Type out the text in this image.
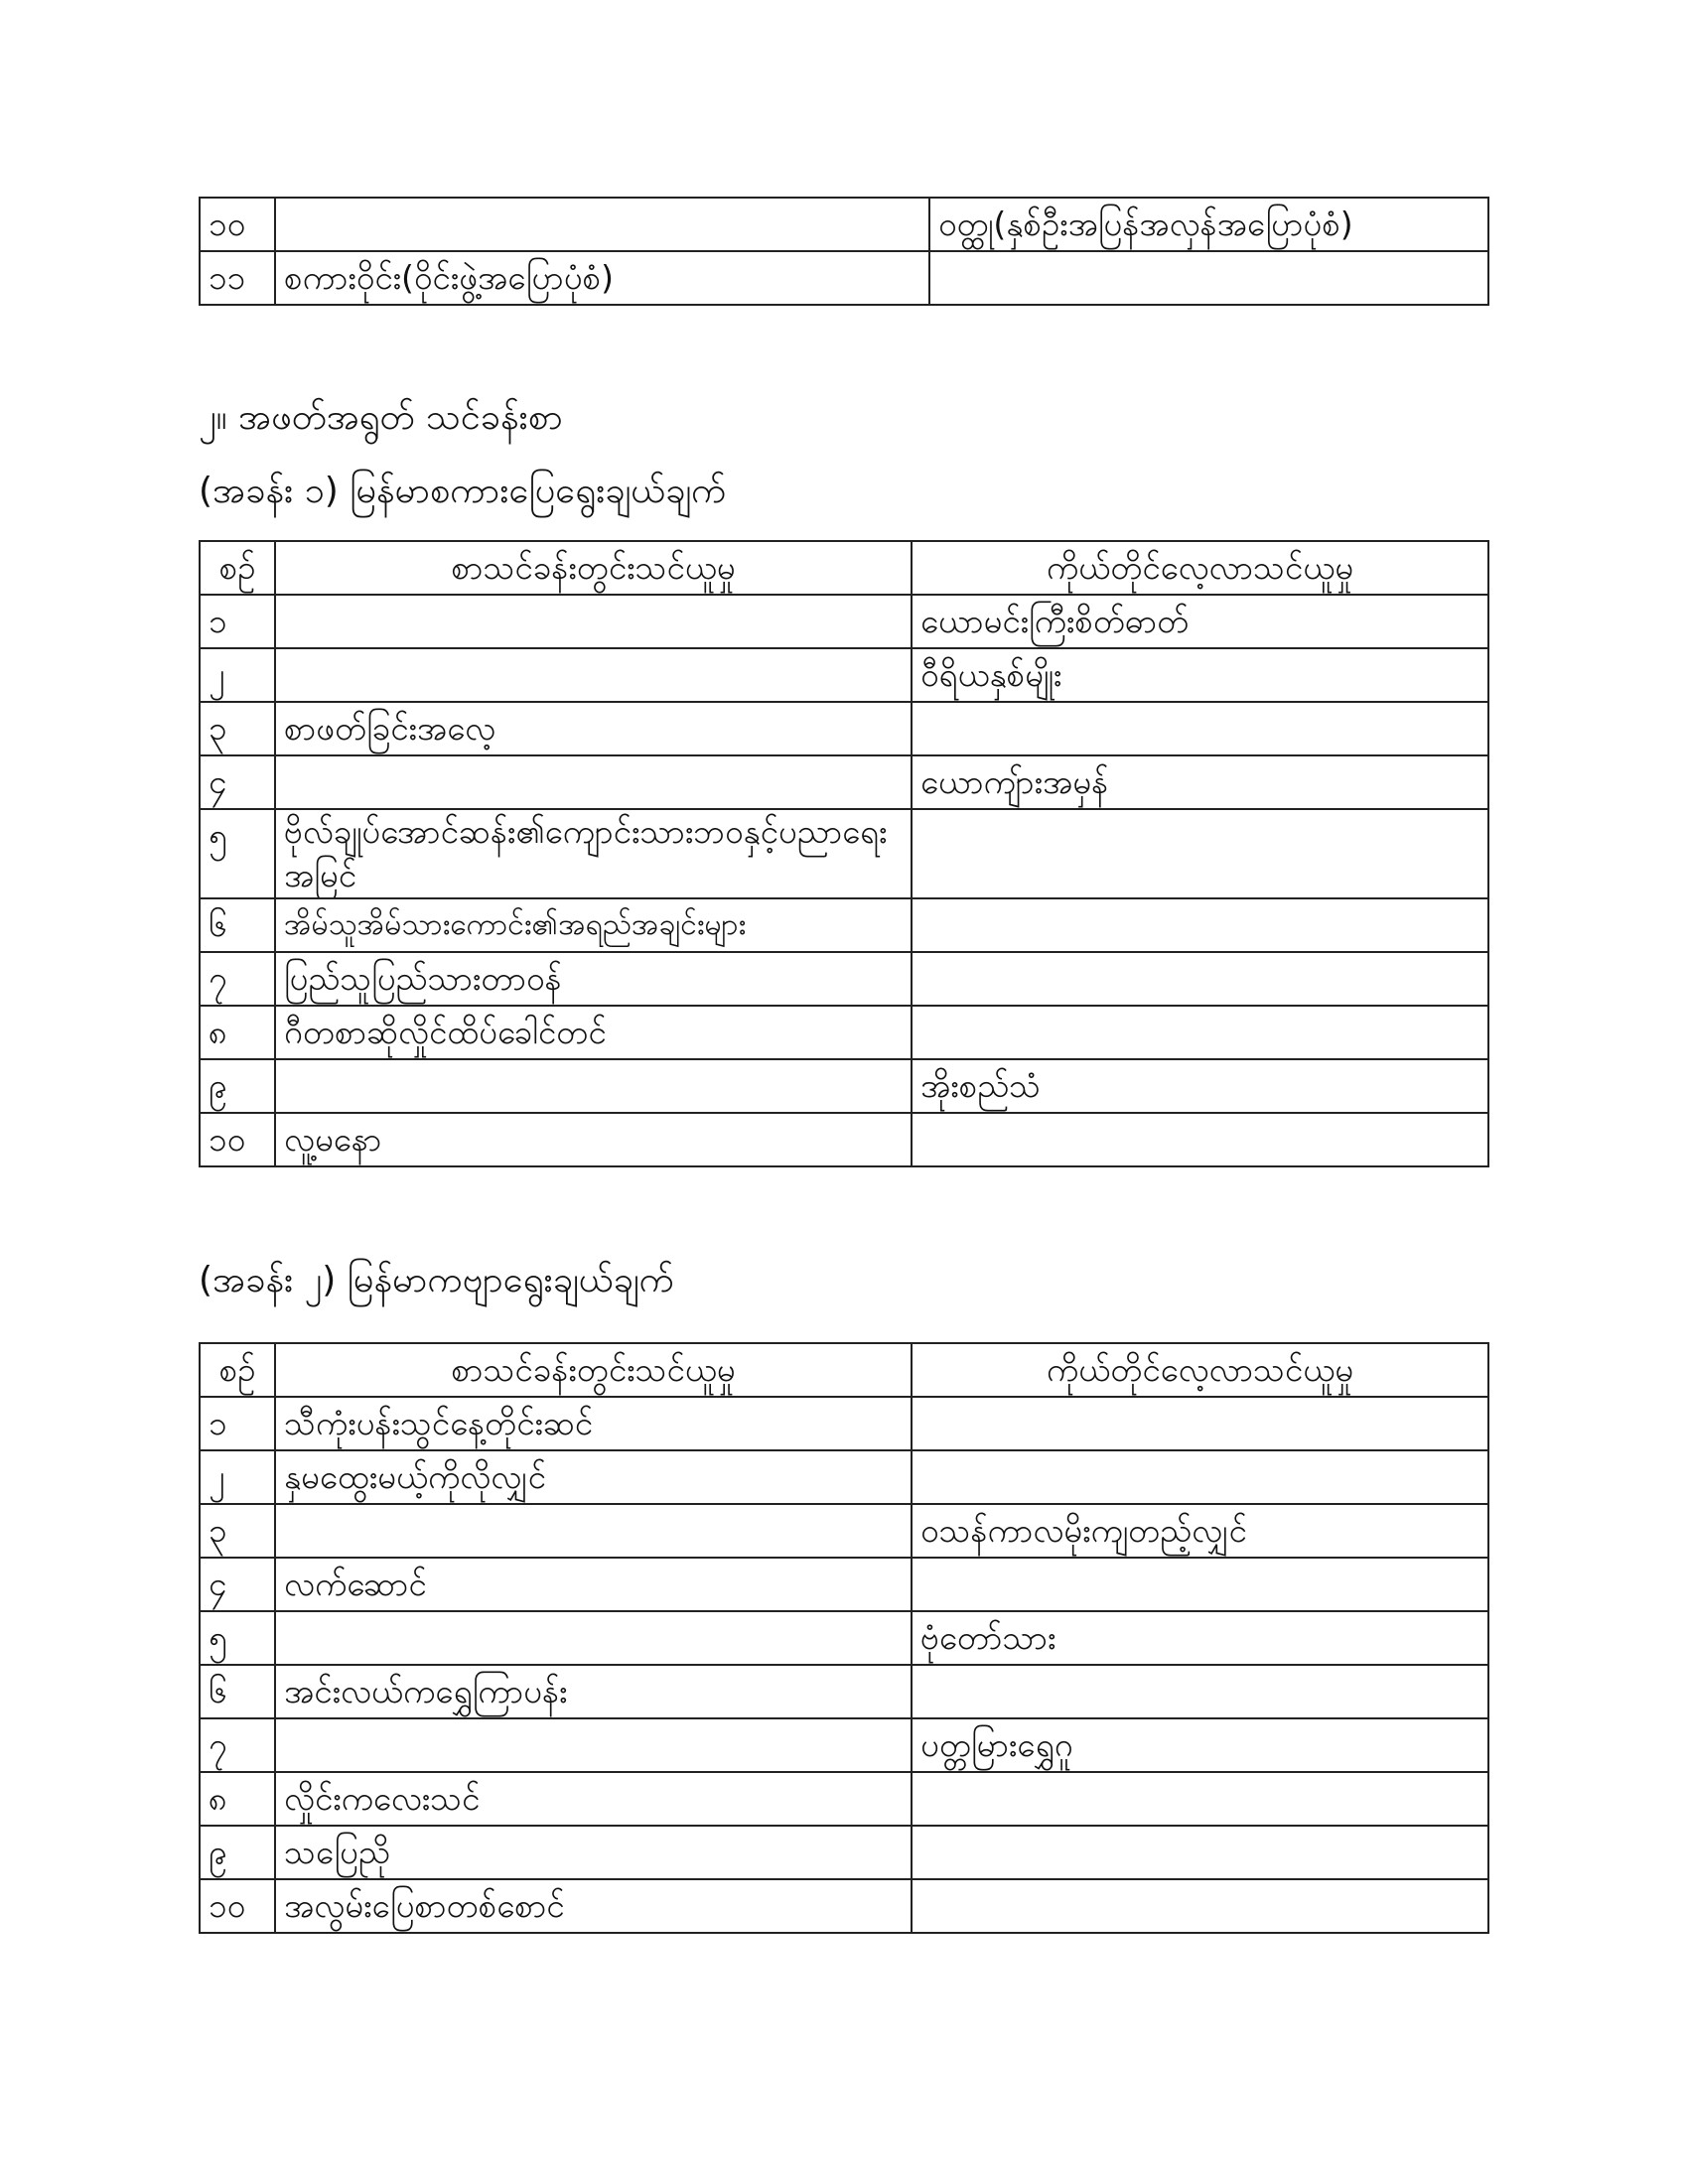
၁၀		ဝတ္ထု(နှစ်ဦးအပြန်အလှန်အပြောပုံစံ)
၁၁	စကားဝိုင်း(ဝိုင်းဖွဲ့အပြောပုံစံ)	
၂။ အဖတ်အရွတ် သင်ခန်းစာ
(အခန်း ၁) မြန်မာစကားပြေရွေးချယ်ချက်
စဉ်	စာသင်ခန်းတွင်းသင်ယူမှု	ကိုယ်တိုင်လေ့လာသင်ယူမှု
၁		ယောမင်းကြီးစိတ်ဓာတ်
၂		ဝီရိယနှစ်မျိုး
၃	စာဖတ်ခြင်းအလေ့	
၄		ယောကျ်ားအမှန်
၅	ဗိုလ်ချုပ်အောင်ဆန်း၏ကျောင်းသားဘဝနှင့်ပညာရေးအမြင်	
၆	အိမ်သူအိမ်သားကောင်း၏အရည်အချင်းများ	
၇	ပြည်သူပြည်သားတာဝန်	
၈	ဂီတစာဆိုလှိုင်ထိပ်ခေါင်တင်	
၉		အိုးစည်သံ
၁၀	လူ့မနော	
(အခန်း ၂) မြန်မာကဗျာရွေးချယ်ချက်
စဉ်	စာသင်ခန်းတွင်းသင်ယူမှု	ကိုယ်တိုင်လေ့လာသင်ယူမှု
၁	သီကုံးပန်းသွင်နေ့တိုင်းဆင်	
၂	နှမထွေးမယ့်ကိုလိုလျှင်	
၃		ဝသန်ကာလမိုးကျတည့်လျှင်
၄	လက်ဆောင်	
၅		ဗုံတော်သား
၆	အင်းလယ်ကရွှေကြာပန်း	
၇		ပတ္တမြားရွှေဂူ
၈	လှိုင်းကလေးသင်	
၉	သပြေညို	
၁၀	အလွမ်းပြေစာတစ်စောင်	
